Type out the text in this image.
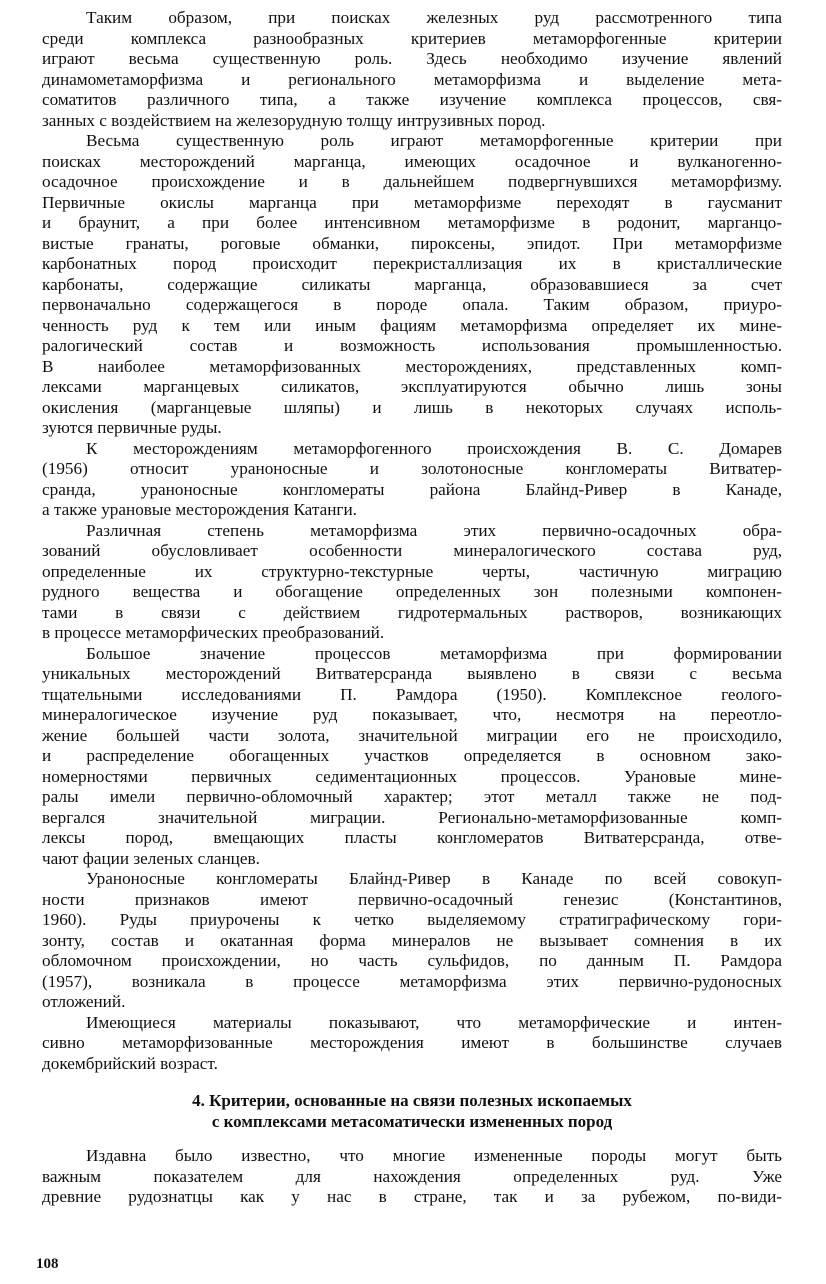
Таким образом, при поисках железных руд рассмотренного типа
среди комплекса разнообразных критериев метаморфогенные критерии
играют весьма существенную роль. Здесь необходимо изучение явлений
динамометаморфизма и регионального метаморфизма и выделение мета-
соматитов различного типа, а также изучение комплекса процессов, свя-
занных с воздействием на железорудную толщу интрузивных пород.
Весьма существенную роль играют метаморфогенные критерии при
поисках месторождений марганца, имеющих осадочное и вулканогенно-
осадочное происхождение и в дальнейшем подвергнувшихся метаморфизму.
Первичные окислы марганца при метаморфизме переходят в гаусманит
и браунит, а при более интенсивном метаморфизме в родонит, марганцо-
вистые гранаты, роговые обманки, пироксены, эпидот. При метаморфизме
карбонатных пород происходит перекристаллизация их в кристаллические
карбонаты, содержащие силикаты марганца, образовавшиеся за счет
первоначально содержащегося в породе опала. Таким образом, приуро-
ченность руд к тем или иным фациям метаморфизма определяет их мине-
ралогический состав и возможность использования промышленностью.
В наиболее метаморфизованных месторождениях, представленных комп-
лексами марганцевых силикатов, эксплуатируются обычно лишь зоны
окисления (марганцевые шляпы) и лишь в некоторых случаях исполь-
зуются первичные руды.
К месторождениям метаморфогенного происхождения В. С. Домарев
(1956) относит ураноносные и золотоносные конгломераты Витватер-
сранда, ураноносные конгломераты района Блайнд-Ривер в Канаде,
а также урановые месторождения Катанги.
Различная степень метаморфизма этих первично-осадочных обра-
зований обусловливает особенности минералогического состава руд,
определенные их структурно-текстурные черты, частичную миграцию
рудного вещества и обогащение определенных зон полезными компонен-
тами в связи с действием гидротермальных растворов, возникающих
в процессе метаморфических преобразований.
Большое значение процессов метаморфизма при формировании
уникальных месторождений Витватерсранда выявлено в связи с весьма
тщательными исследованиями П. Рамдора (1950). Комплексное геолого-
минералогическое изучение руд показывает, что, несмотря на переотло-
жение большей части золота, значительной миграции его не происходило,
и распределение обогащенных участков определяется в основном зако-
номерностями первичных седиментационных процессов. Урановые мине-
ралы имели первично-обломочный характер; этот металл также не под-
вергался значительной миграции. Регионально-метаморфизованные комп-
лексы пород, вмещающих пласты конгломератов Витватерсранда, отве-
чают фации зеленых сланцев.
Ураноносные конгломераты Блайнд-Ривер в Канаде по всей совокуп-
ности признаков имеют первично-осадочный генезис (Константинов,
1960). Руды приурочены к четко выделяемому стратиграфическому гори-
зонту, состав и окатанная форма минералов не вызывает сомнения в их
обломочном происхождении, но часть сульфидов, по данным П. Рамдора
(1957), возникала в процессе метаморфизма этих первично-рудоносных
отложений.
Имеющиеся материалы показывают, что метаморфические и интен-
сивно метаморфизованные месторождения имеют в большинстве случаев
докембрийский возраст.
4. Критерии, основанные на связи полезных ископаемых
с комплексами метасоматически измененных пород
Издавна было известно, что многие измененные породы могут быть
важным показателем для нахождения определенных руд. Уже
древние рудознатцы как у нас в стране, так и за рубежом, по-види-
108
